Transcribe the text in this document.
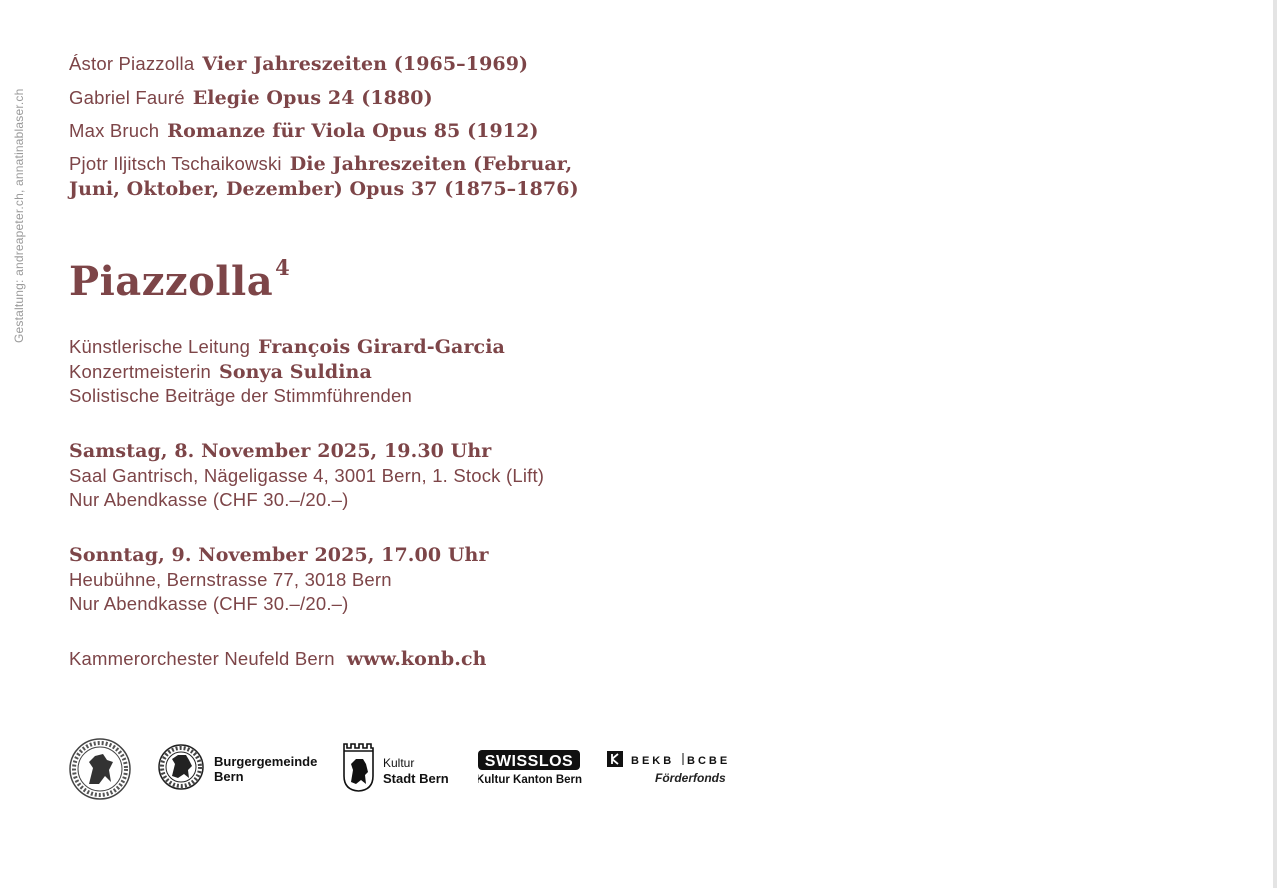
Gestaltung: andreapeter.ch, annatinablaser.ch
Ástor Piazzolla Vier Jahreszeiten (1965–1969)
Gabriel Fauré Elegie Opus 24 (1880)
Max Bruch Romanze für Viola Opus 85 (1912)
Pjotr Iljitsch Tschaikowski Die Jahreszeiten (Februar,
Juni, Oktober, Dezember) Opus 37 (1875–1876)
Piazzolla$^4$
Künstlerische Leitung François Girard-Garcia
Konzertmeisterin Sonya Suldina
Solistische Beiträge der Stimmführenden
Samstag, 8. November 2025, 19.30 Uhr
Saal Gantrisch, Nägeligasse 4, 3001 Bern, 1. Stock (Lift)
Nur Abendkasse (CHF 30.–/20.–)
Sonntag, 9. November 2025, 17.00 Uhr
Heubühne, Bernstrasse 77, 3018 Bern
Nur Abendkasse (CHF 30.–/20.–)
Kammerorchester Neufeld Bern www.konb.ch
Burgergemeinde
Bern
Kultur
Stadt Bern
SWISSLOS
Kultur Kanton Bern
BEKB BCBE
Förderfonds
